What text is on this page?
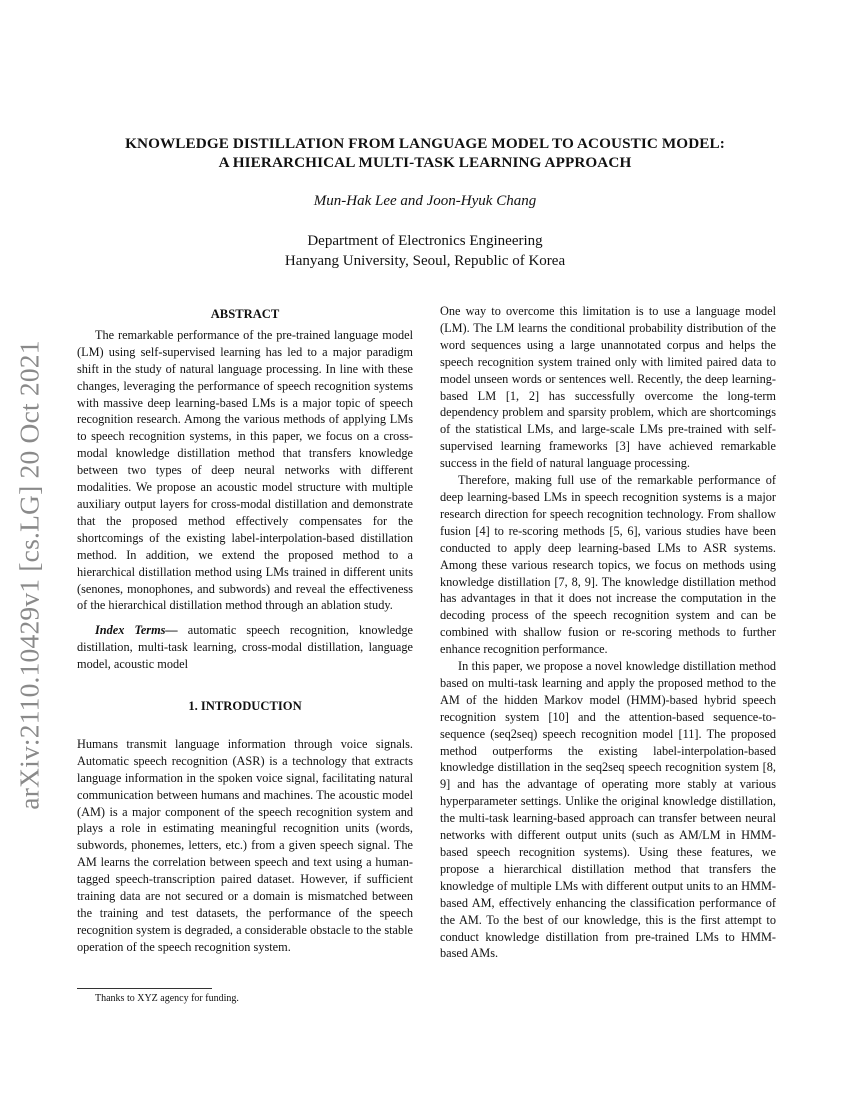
arXiv:2110.10429v1 [cs.LG] 20 Oct 2021
KNOWLEDGE DISTILLATION FROM LANGUAGE MODEL TO ACOUSTIC MODEL:
A HIERARCHICAL MULTI-TASK LEARNING APPROACH
Mun-Hak Lee and Joon-Hyuk Chang
Department of Electronics Engineering
Hanyang University, Seoul, Republic of Korea
ABSTRACT

The remarkable performance of the pre-trained language model (LM) using self-supervised learning has led to a major paradigm shift in the study of natural language processing. In line with these changes, leveraging the performance of speech recognition systems with massive deep learning-based LMs is a major topic of speech recognition research. Among the various methods of applying LMs to speech recognition systems, in this paper, we focus on a cross-modal knowledge distillation method that transfers knowledge between two types of deep neural networks with different modalities. We propose an acoustic model structure with multiple auxiliary output layers for cross-modal distillation and demonstrate that the proposed method effectively compensates for the shortcomings of the existing label-interpolation-based distillation method. In addition, we extend the proposed method to a hierarchical distillation method using LMs trained in different units (senones, monophones, and subwords) and reveal the effectiveness of the hierarchical distillation method through an ablation study.

Index Terms— automatic speech recognition, knowledge distillation, multi-task learning, cross-modal distillation, language model, acoustic model

1. INTRODUCTION

Humans transmit language information through voice signals. Automatic speech recognition (ASR) is a technology that extracts language information in the spoken voice signal, facilitating natural communication between humans and machines. The acoustic model (AM) is a major component of the speech recognition system and plays a role in estimating meaningful recognition units (words, subwords, phonemes, letters, etc.) from a given speech signal. The AM learns the correlation between speech and text using a human-tagged speech-transcription paired dataset. However, if sufficient training data are not secured or a domain is mismatched between the training and test datasets, the performance of the speech recognition system is degraded, a considerable obstacle to the stable operation of the speech recognition system.

One way to overcome this limitation is to use a language model (LM). The LM learns the conditional probability distribution of the word sequences using a large unannotated corpus and helps the speech recognition system trained only with limited paired data to model unseen words or sentences well. Recently, the deep learning-based LM [1, 2] has successfully overcome the long-term dependency problem and sparsity problem, which are shortcomings of the statistical LMs, and large-scale LMs pre-trained with self-supervised learning frameworks [3] have achieved remarkable success in the field of natural language processing.

Therefore, making full use of the remarkable performance of deep learning-based LMs in speech recognition systems is a major research direction for speech recognition technology. From shallow fusion [4] to re-scoring methods [5, 6], various studies have been conducted to apply deep learning-based LMs to ASR systems. Among these various research topics, we focus on methods using knowledge distillation [7, 8, 9]. The knowledge distillation method has advantages in that it does not increase the computation in the decoding process of the speech recognition system and can be combined with shallow fusion or re-scoring methods to further enhance recognition performance.

In this paper, we propose a novel knowledge distillation method based on multi-task learning and apply the proposed method to the AM of the hidden Markov model (HMM)-based hybrid speech recognition system [10] and the attention-based sequence-to-sequence (seq2seq) speech recognition model [11]. The proposed method outperforms the existing label-interpolation-based knowledge distillation in the seq2seq speech recognition system [8, 9] and has the advantage of operating more stably at various hyperparameter settings. Unlike the original knowledge distillation, the multi-task learning-based approach can transfer between neural networks with different output units (such as AM/LM in HMM-based speech recognition systems). Using these features, we propose a hierarchical distillation method that transfers the knowledge of multiple LMs with different output units to an HMM-based AM, effectively enhancing the classification performance of the AM. To the best of our knowledge, this is the first attempt to conduct knowledge distillation from pre-trained LMs to HMM-based AMs.

Thanks to XYZ agency for funding.
